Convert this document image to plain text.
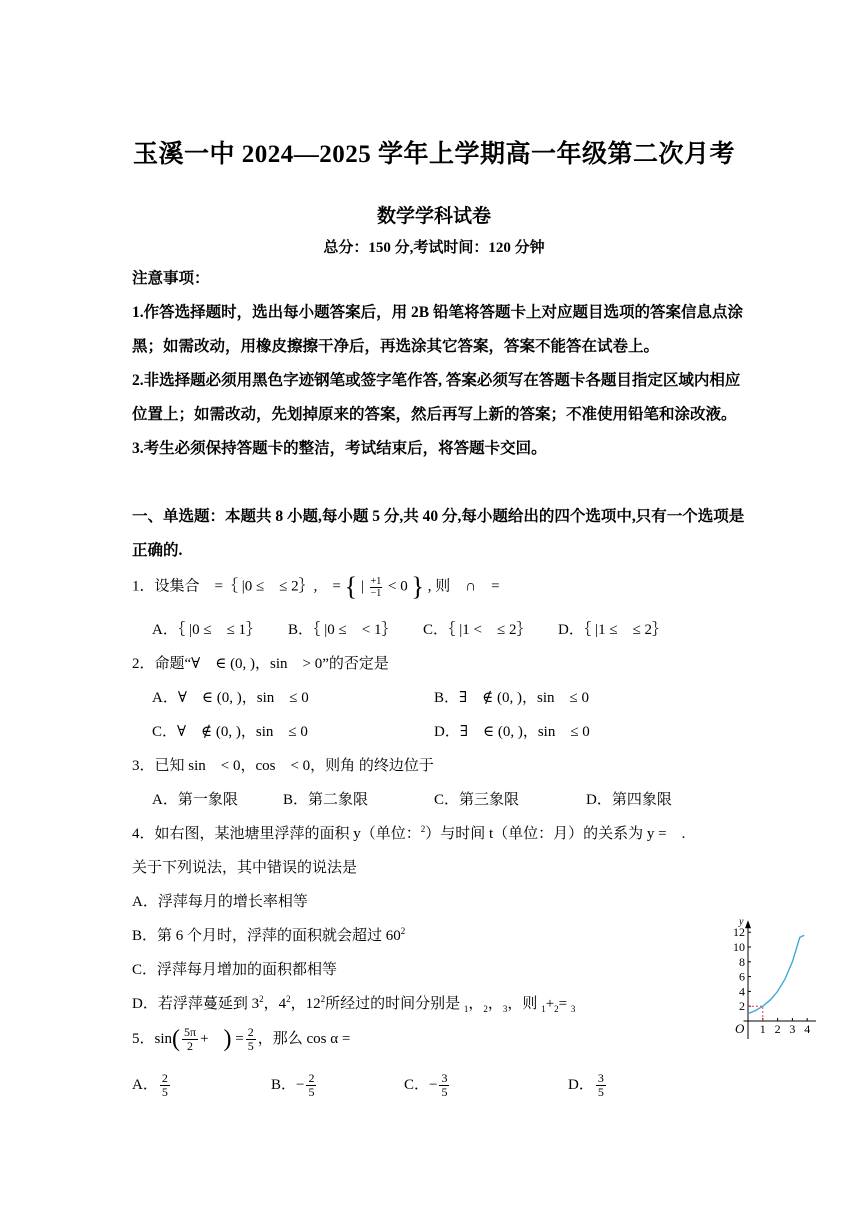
玉溪一中 2024—2025 学年上学期高一年级第二次月考
数学学科试卷
总分：150 分,考试时间：120 分钟
注意事项：
1.作答选择题时，选出每小题答案后，用 2B 铅笔将答题卡上对应题目选项的答案信息点涂
黑；如需改动，用橡皮擦擦干净后，再选涂其它答案，答案不能答在试卷上。
2.非选择题必须用黑色字迹钢笔或签字笔作答, 答案必须写在答题卡各题目指定区域内相应
位置上；如需改动，先划掉原来的答案，然后再写上新的答案；不准使用铅笔和涂改液。
3.考生必须保持答题卡的整洁，考试结束后，将答题卡交回。
一、单选题：本题共 8 小题,每小题 5 分,共 40 分,每小题给出的四个选项中,只有一个选项是
正确的.
1．设集合　=｛ |0 ≤　≤ 2｝,　= { | $\frac{+1}{-1} < 0$ } , 则　∩　=
A．｛ |0 ≤　≤ 1｝ B．｛ |0 ≤　< 1｝ C．｛ |1 <　≤ 2｝ D．｛ |1 ≤　≤ 2｝
2．命题“∀　∈ (0, )，sin　> 0”的否定是
A．∀　∈ (0, )，sin　≤ 0	B．∃　∉ (0, )，sin　≤ 0
C．∀　∉ (0, )，sin　≤ 0	D．∃　∈ (0, )，sin　≤ 0
3．已知 sin　< 0，cos　< 0，则角 的终边位于
A．第一象限	B．第二象限	C．第三象限	D．第四象限
4．如右图，某池塘里浮萍的面积 y（单位：$^2$）与时间 t（单位：月）的关系为 y =　.
关于下列说法，其中错误的说法是
A．浮萍每月的增长率相等
B．第 6 个月时，浮萍的面积就会超过 $60^2$
C．浮萍每月增加的面积都相等
D．若浮萍蔓延到 $3^2$，$4^2$，$12^2$所经过的时间分别是 $_1$，$_2$，$_3$，则 $_1+_2= _3$
y
O
2
4
6
8
10
12
1 2 3 4
5．$\sin( \frac{5\pi}{2}$ +　) = $\frac{2}{5}$ ，那么 cos α =
A． $\frac{2}{5}$	B．− $\frac{2}{5}$	C．− $\frac{3}{5}$	D． $\frac{3}{5}$
